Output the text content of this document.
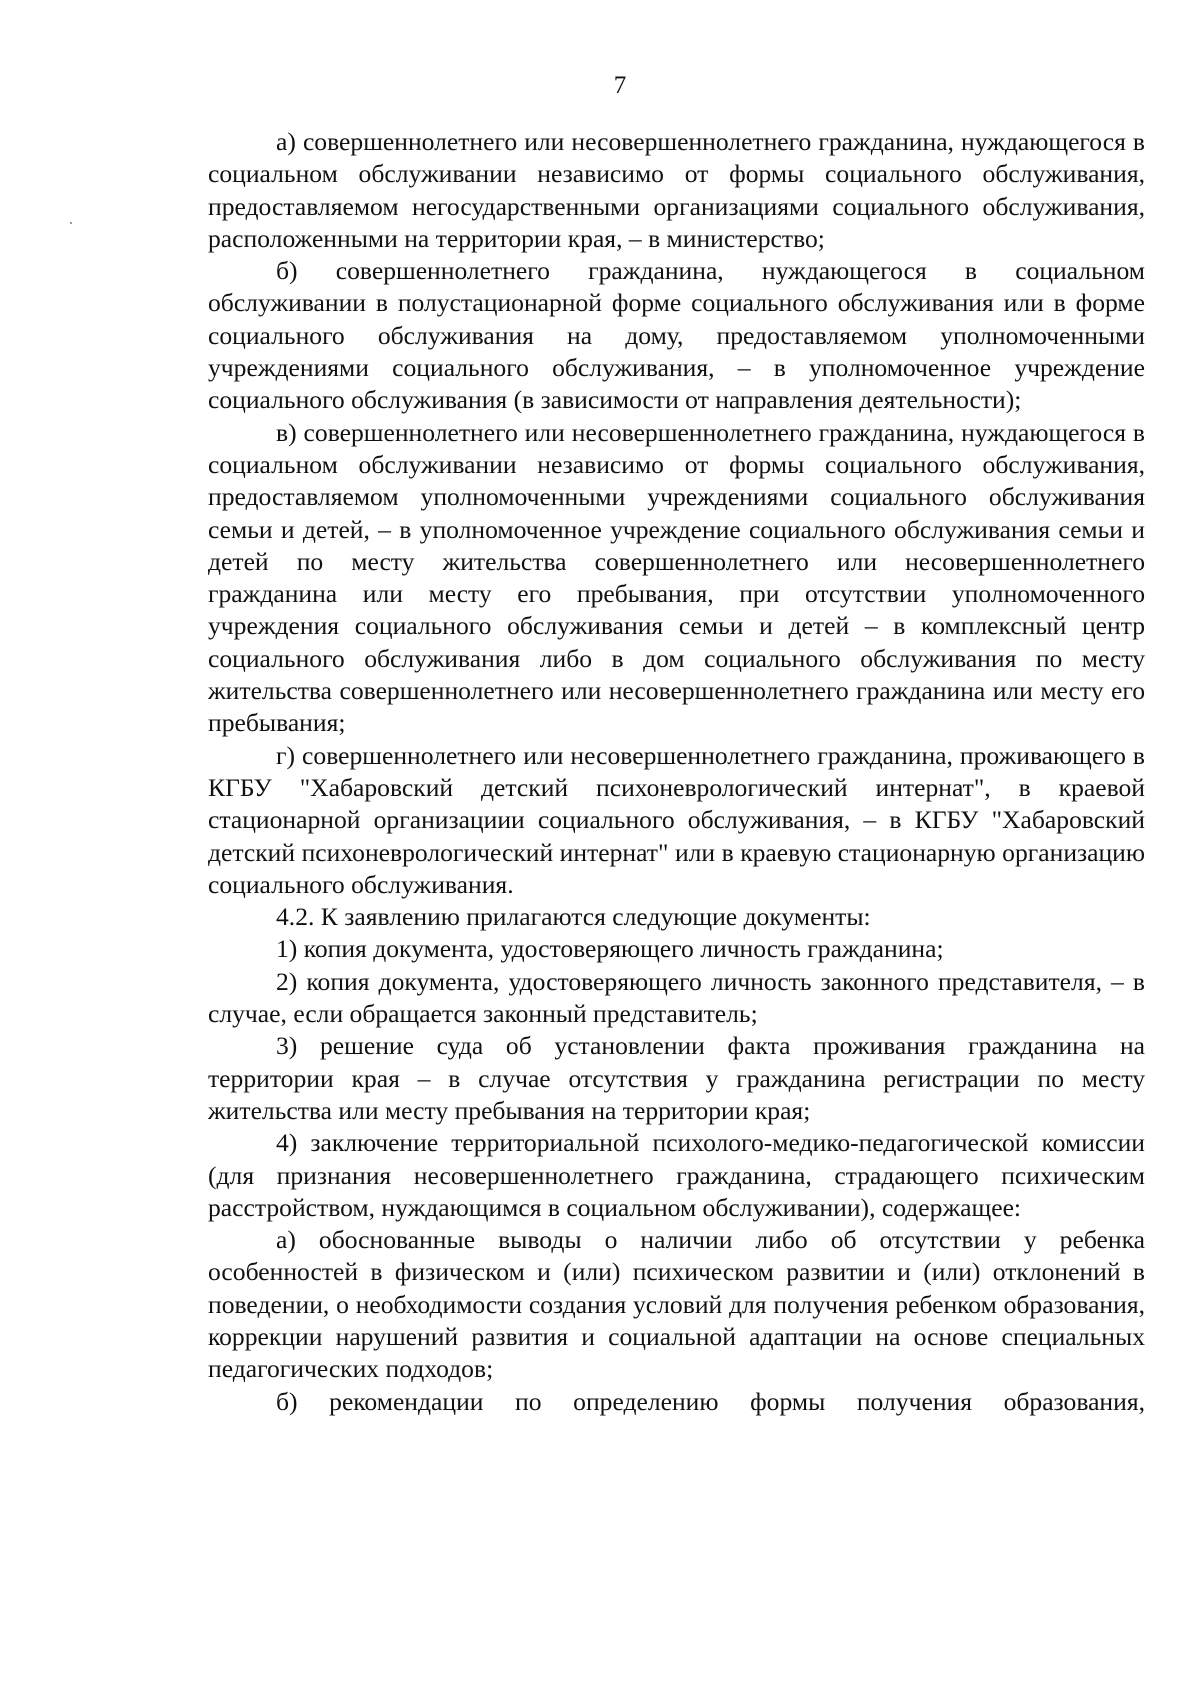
7

а) совершеннолетнего или несовершеннолетнего гражданина, нуждающегося в социальном обслуживании независимо от формы социального обслуживания, предоставляемом негосударственными организациями социального обслуживания, расположенными на территории края, – в министерство;

б) совершеннолетнего гражданина, нуждающегося в социальном обслуживании в полустационарной форме социального обслуживания или в форме социального обслуживания на дому, предоставляемом уполномоченными учреждениями социального обслуживания, – в уполномоченное учреждение социального обслуживания (в зависимости от направления деятельности);

в) совершеннолетнего или несовершеннолетнего гражданина, нуждающегося в социальном обслуживании независимо от формы социального обслуживания, предоставляемом уполномоченными учреждениями социального обслуживания семьи и детей, – в уполномоченное учреждение социального обслуживания семьи и детей по месту жительства совершеннолетнего или несовершеннолетнего гражданина или месту его пребывания, при отсутствии уполномоченного учреждения социального обслуживания семьи и детей – в комплексный центр социального обслуживания либо в дом социального обслуживания по месту жительства совершеннолетнего или несовершеннолетнего гражданина или месту его пребывания;

г) совершеннолетнего или несовершеннолетнего гражданина, проживающего в КГБУ "Хабаровский детский психоневрологический интернат", в краевой стационарной организациии социального обслуживания, – в КГБУ "Хабаровский детский психоневрологический интернат" или в краевую стационарную организацию социального обслуживания.

4.2. К заявлению прилагаются следующие документы:

1) копия документа, удостоверяющего личность гражданина;

2) копия документа, удостоверяющего личность законного представителя, – в случае, если обращается законный представитель;

3) решение суда об установлении факта проживания гражданина на территории края – в случае отсутствия у гражданина регистрации по месту жительства или месту пребывания на территории края;

4) заключение территориальной психолого-медико-педагогической комиссии (для признания несовершеннолетнего гражданина, страдающего психическим расстройством, нуждающимся в социальном обслуживании), содержащее:

а) обоснованные выводы о наличии либо об отсутствии у ребенка особенностей в физическом и (или) психическом развитии и (или) отклонений в поведении, о необходимости создания условий для получения ребенком образования, коррекции нарушений развития и социальной адаптации на основе специальных педагогических подходов;

б) рекомендации по определению формы получения образования,
